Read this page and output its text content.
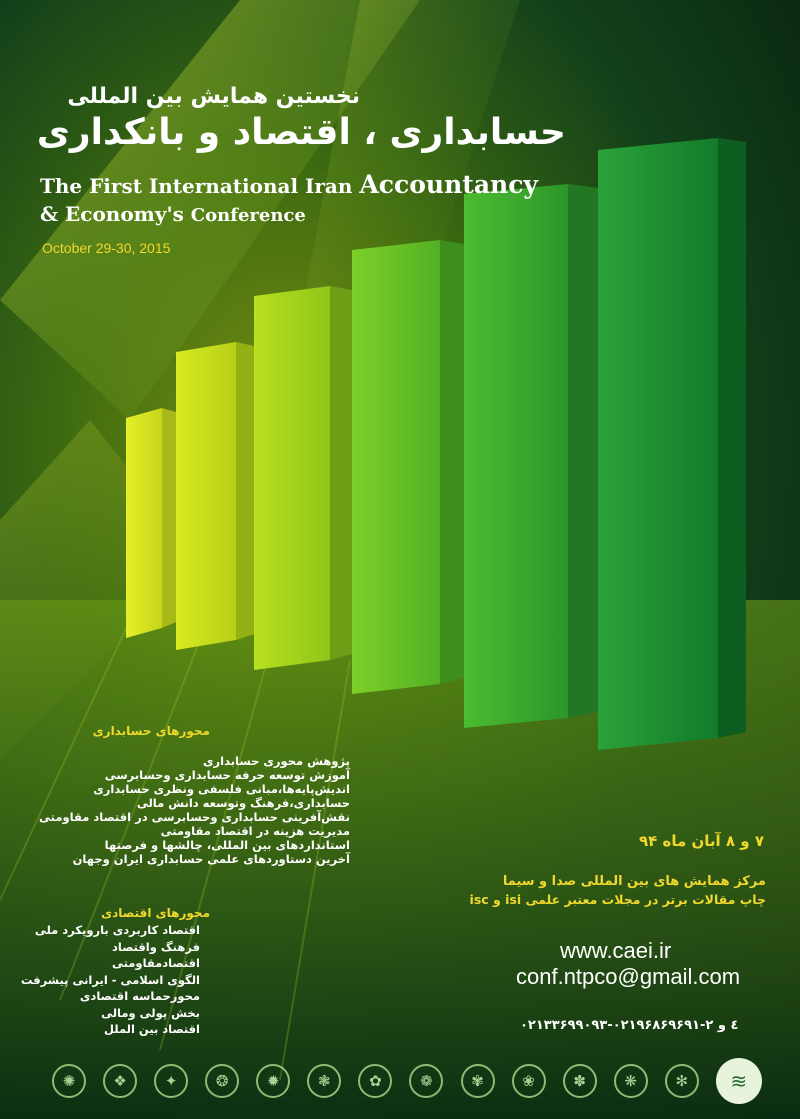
نخستین همایش بین المللی
حسابداری ، اقتصاد و بانکداری
The First International Iran Accountancy
& Economy's Conference
October 29-30, 2015
محورهای حسابداری
پژوهش محوری حسابداری
آموزش توسعه حرفه حسابداری وحسابرسی
اندیش‌پایه‌ها،مبانی فلسفی ونظری حسابداری
حسابداری،فرهنگ وتوسعه دانش مالی
نقش‌آفرینی حسابداری وحسابرسی در اقتصاد مقاومتی
مدیریت هزینه در اقتصاد مقاومتی
استانداردهای بین المللی، چالشها و فرصتها
آخرین دستاوردهای علمی حسابداری ایران وجهان
محورهای اقتصادی
اقتصاد کاربردی بارویکرد ملی
فرهنگ واقتصاد
اقتصادمقاومتی
الگوی اسلامی - ایرانی پیشرفت
محورحماسه اقتصادی
بخش پولی ومالی
اقتصاد بین الملل
۷ و ۸ آبان ماه ۹۴
مرکز همایش های بین المللی صدا و سیما
چاپ مقالات برتر در مجلات معتبر علمی isi و isc
www.caei.ir
conf.ntpco@gmail.com
۰۲۱۳۳۶۹۹۰۹۳-٤ و ۲-۰۲۱۹۶۸۶۹۶۹۱
✺	❖	✦	❂	✹	❃	✿	❁	✾	❀	✽	❋	✻	≋
